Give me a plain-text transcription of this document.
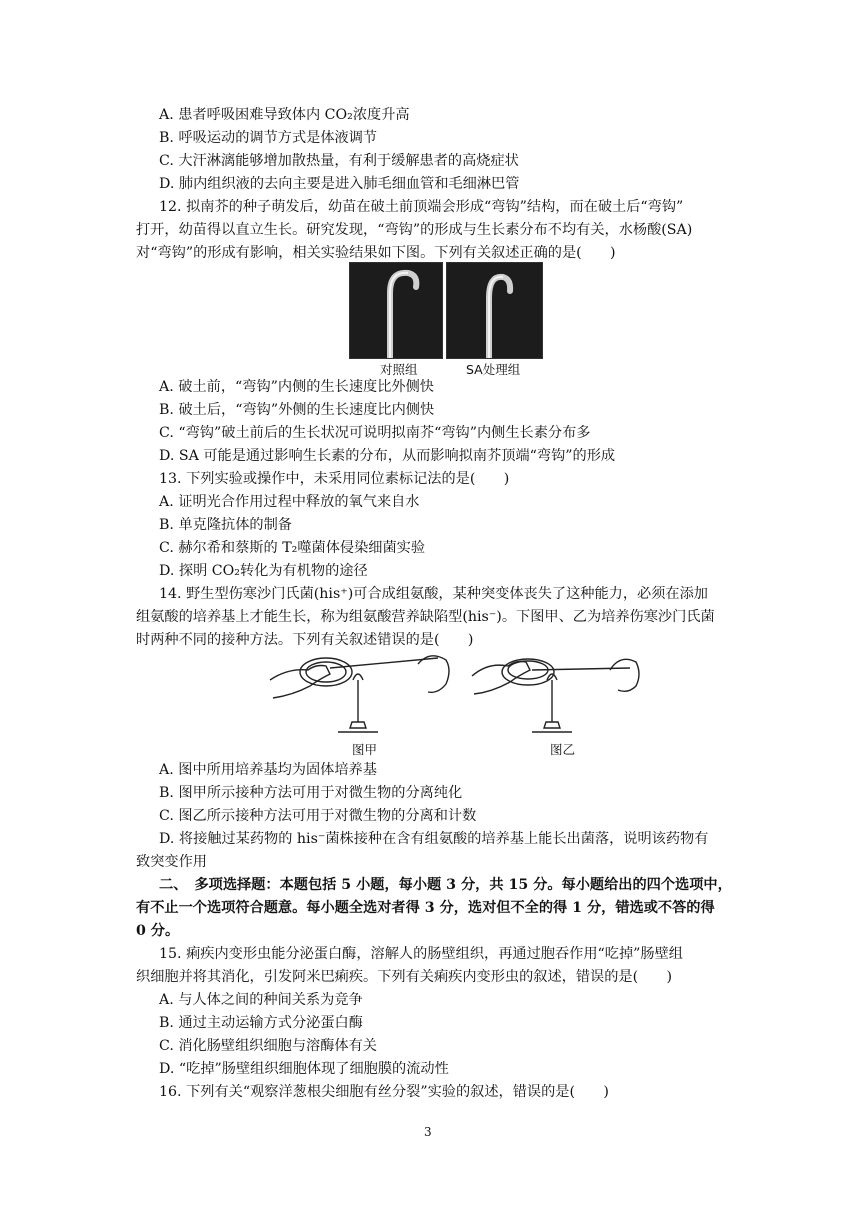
A. 患者呼吸困难导致体内 CO₂浓度升高
B. 呼吸运动的调节方式是体液调节
C. 大汗淋漓能够增加散热量，有利于缓解患者的高烧症状
D. 肺内组织液的去向主要是进入肺毛细血管和毛细淋巴管
12. 拟南芥的种子萌发后，幼苗在破土前顶端会形成“弯钩”结构，而在破土后“弯钩”
打开，幼苗得以直立生长。研究发现，“弯钩”的形成与生长素分布不均有关，水杨酸(SA)
对“弯钩”的形成有影响，相关实验结果如下图。下列有关叙述正确的是(　　)
对照组	SA处理组
A. 破土前，“弯钩”内侧的生长速度比外侧快
B. 破土后，“弯钩”外侧的生长速度比内侧快
C. “弯钩”破土前后的生长状况可说明拟南芥“弯钩”内侧生长素分布多
D. SA 可能是通过影响生长素的分布，从而影响拟南芥顶端“弯钩”的形成
13. 下列实验或操作中，未采用同位素标记法的是(　　)
A. 证明光合作用过程中释放的氧气来自水
B. 单克隆抗体的制备
C. 赫尔希和蔡斯的 T₂噬菌体侵染细菌实验
D. 探明 CO₂转化为有机物的途径
14. 野生型伤寒沙门氏菌(his⁺)可合成组氨酸，某种突变体丧失了这种能力，必须在添加
组氨酸的培养基上才能生长，称为组氨酸营养缺陷型(his⁻)。下图甲、乙为培养伤寒沙门氏菌
时两种不同的接种方法。下列有关叙述错误的是(　　)
图甲	图乙
A. 图中所用培养基均为固体培养基
B. 图甲所示接种方法可用于对微生物的分离纯化
C. 图乙所示接种方法可用于对微生物的分离和计数
D. 将接触过某药物的 his⁻菌株接种在含有组氨酸的培养基上能长出菌落，说明该药物有
致突变作用
二、　多项选择题：本题包括 5 小题，每小题 3 分，共 15 分。每小题给出的四个选项中，
有不止一个选项符合题意。每小题全选对者得 3 分，选对但不全的得 1 分，错选或不答的得
0 分。
15. 痢疾内变形虫能分泌蛋白酶，溶解人的肠壁组织，再通过胞吞作用“吃掉”肠壁组
织细胞并将其消化，引发阿米巴痢疾。下列有关痢疾内变形虫的叙述，错误的是(　　)
A. 与人体之间的种间关系为竞争
B. 通过主动运输方式分泌蛋白酶
C. 消化肠壁组织细胞与溶酶体有关
D. “吃掉”肠壁组织细胞体现了细胞膜的流动性
16. 下列有关“观察洋葱根尖细胞有丝分裂”实验的叙述，错误的是(　　)
3
